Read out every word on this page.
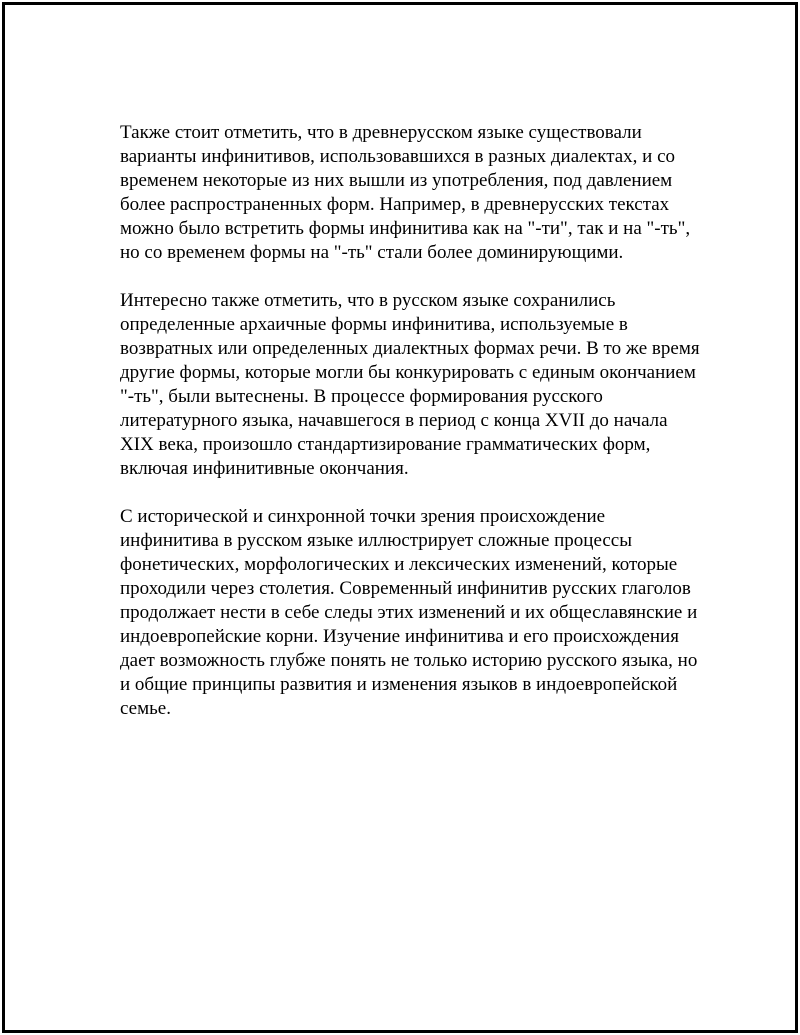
Также стоит отметить, что в древнерусском языке существовали
варианты инфинитивов, использовавшихся в разных диалектах, и со
временем некоторые из них вышли из употребления, под давлением
более распространенных форм. Например, в древнерусских текстах
можно было встретить формы инфинитива как на "-ти", так и на "-ть",
но со временем формы на "-ть" стали более доминирующими.

Интересно также отметить, что в русском языке сохранились
определенные архаичные формы инфинитива, используемые в
возвратных или определенных диалектных формах речи. В то же время
другие формы, которые могли бы конкурировать с единым окончанием
"-ть", были вытеснены. В процессе формирования русского
литературного языка, начавшегося в период с конца XVII до начала
XIX века, произошло стандартизирование грамматических форм,
включая инфинитивные окончания.

С исторической и синхронной точки зрения происхождение
инфинитива в русском языке иллюстрирует сложные процессы
фонетических, морфологических и лексических изменений, которые
проходили через столетия. Современный инфинитив русских глаголов
продолжает нести в себе следы этих изменений и их общеславянские и
индоевропейские корни. Изучение инфинитива и его происхождения
дает возможность глубже понять не только историю русского языка, но
и общие принципы развития и изменения языков в индоевропейской
семье.
